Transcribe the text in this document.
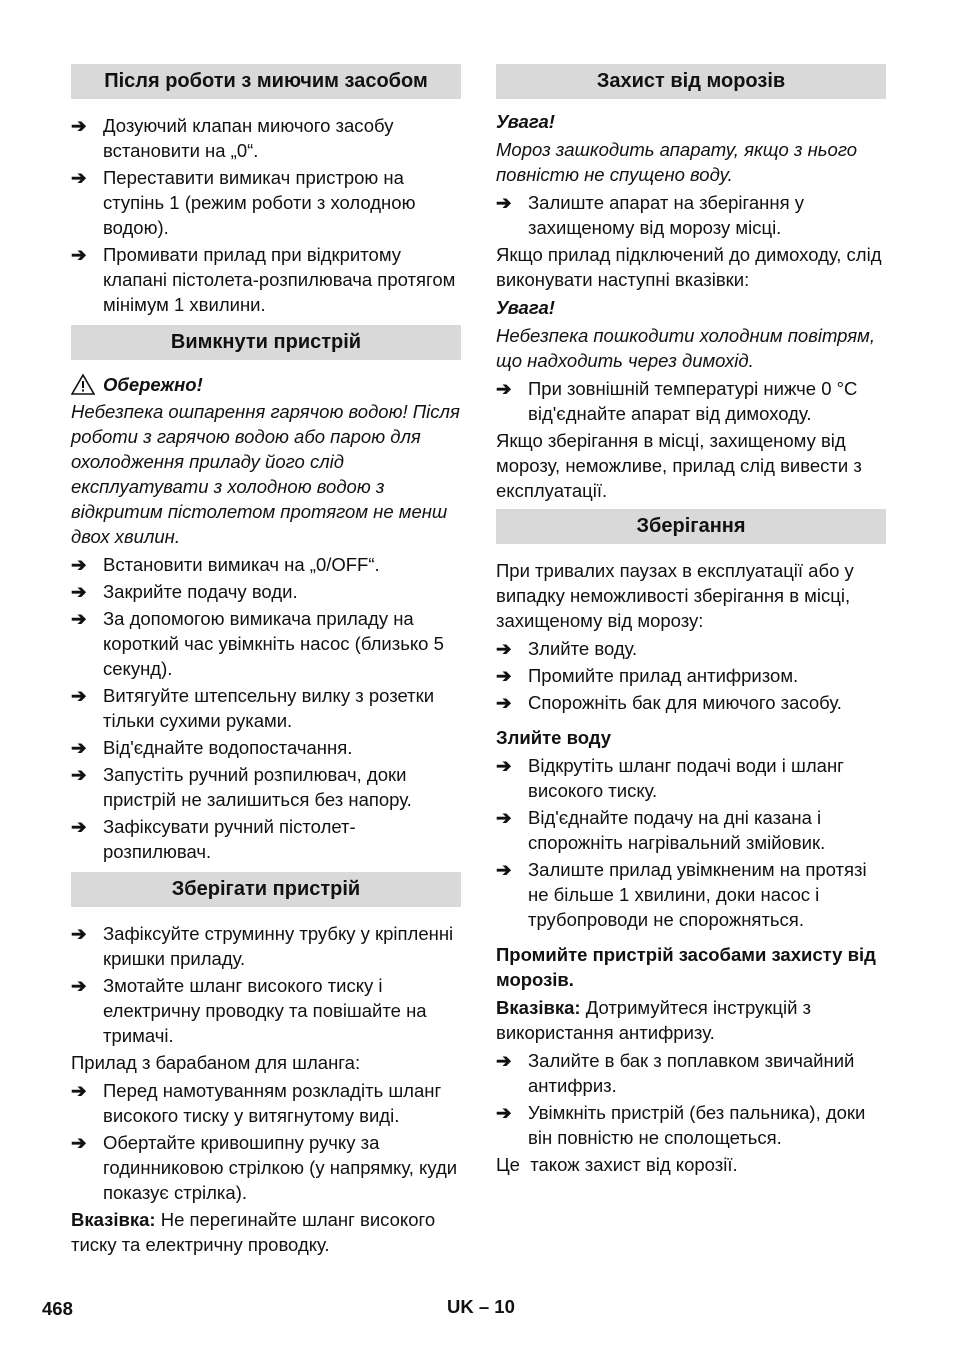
Після роботи з миючим засобом
➔ Дозуючий клапан миючого засобу встановити на „0“.
➔ Переставити вимикач пристрою на ступінь 1 (режим роботи з холодною водою).
➔ Промивати прилад при відкритому клапані пістолета-розпилювача протягом мінімум 1 хвилини.
Вимкнути пристрій
Обережно!
Небезпека ошпарення гарячою водою! Після роботи з гарячою водою або парою для охолодження приладу його слід експлуатувати з холодною водою з відкритим пістолетом протягом не менш двох хвилин.
➔ Встановити вимикач на „0/OFF“.
➔ Закрийте подачу води.
➔ За допомогою вимикача приладу на короткий час увімкніть насос (близько 5 секунд).
➔ Витягуйте штепсельну вилку з розетки тільки сухими руками.
➔ Від'єднайте водопостачання.
➔ Запустіть ручний розпилювач, доки пристрій не залишиться без напору.
➔ Зафіксувати ручний пістолет-розпилювач.
Зберігати пристрій
➔ Зафіксуйте струминну трубку у кріпленні кришки приладу.
➔ Змотайте шланг високого тиску і електричну проводку та повішайте на тримачі.
Прилад з барабаном для шланга:
➔ Перед намотуванням розкладіть шланг високого тиску у витягнутому виді.
➔ Обертайте кривошипну ручку за годинниковою стрілкою (у напрямку, куди показує стрілка).
Вказівка: Не перегинайте шланг високого тиску та електричну проводку.
Захист від морозів
Увага!
Мороз зашкодить апарату, якщо з нього повністю не спущено воду.
➔ Залиште апарат на зберігання у захищеному від морозу місці.
Якщо прилад підключений до димоходу, слід виконувати наступні вказівки:
Увага!
Небезпека пошкодити холодним повітрям, що надходить через димохід.
➔ При зовнішній температурі нижче 0 °C від'єднайте апарат від димоходу.
Якщо зберігання в місці, захищеному від морозу, неможливе, прилад слід вивести з експлуатації.
Зберігання
При тривалих паузах в експлуатації або у випадку неможливості зберігання в місці, захищеному від морозу:
➔ Злийте воду.
➔ Промийте прилад антифризом.
➔ Спорожніть бак для миючого засобу.
Злийте воду
➔ Відкрутіть шланг подачі води і шланг високого тиску.
➔ Від'єднайте подачу на дні казана і спорожніть нагрівальний змійовик.
➔ Залиште прилад увімкненим на протязі не більше 1 хвилини, доки насос і трубопроводи не спорожняться.
Промийте пристрій засобами захисту від морозів.
Вказівка: Дотримуйтеся інструкцій з використання антифризу.
➔ Залийте в бак з поплавком звичайний антифриз.
➔ Увімкніть пристрій (без пальника), доки він повністю не сполощеться.
Це  також захист від корозії.
468	UK – 10
